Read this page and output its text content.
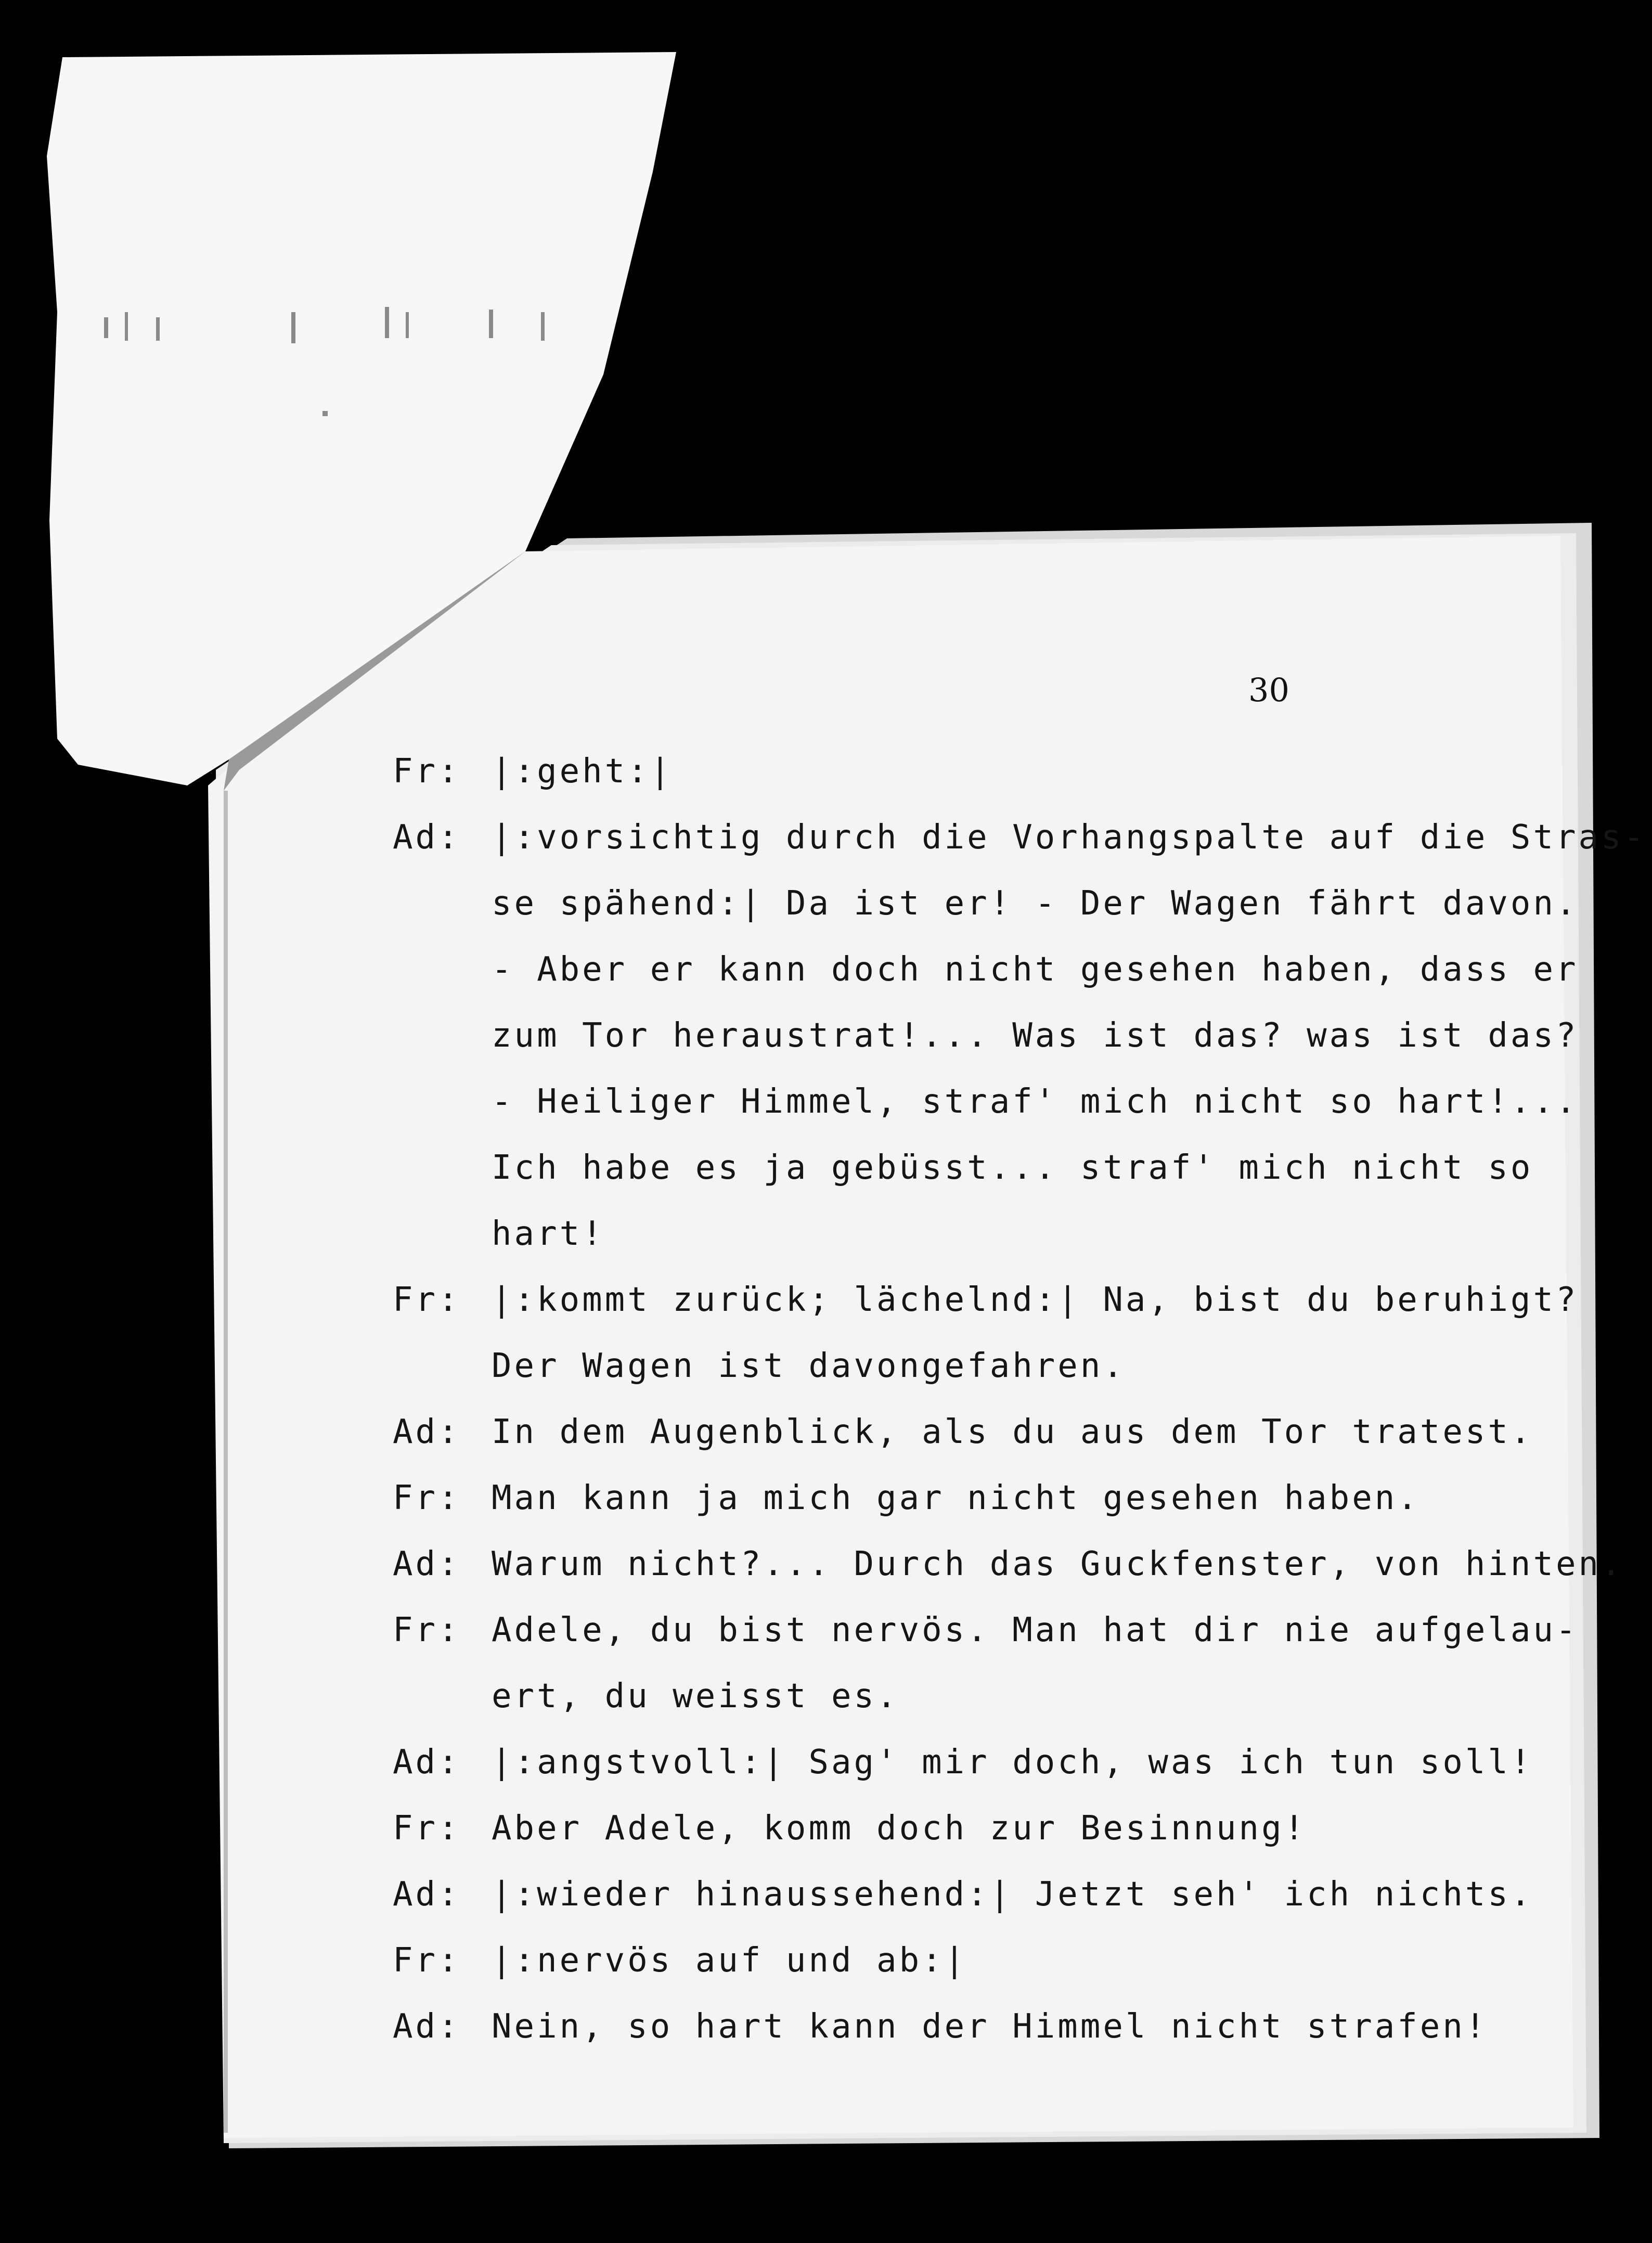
30
Fr: |:geht:|
Ad: |:vorsichtig durch die Vorhangspalte auf die Stras-
se spähend:| Da ist er! - Der Wagen fährt davon.
- Aber er kann doch nicht gesehen haben, dass er
zum Tor heraustrat!... Was ist das? was ist das?
- Heiliger Himmel, straf' mich nicht so hart!...
Ich habe es ja gebüsst... straf' mich nicht so
hart!
Fr: |:kommt zurück; lächelnd:| Na, bist du beruhigt?
Der Wagen ist davongefahren.
Ad: In dem Augenblick, als du aus dem Tor tratest.
Fr: Man kann ja mich gar nicht gesehen haben.
Ad: Warum nicht?... Durch das Guckfenster, von hinten.
Fr: Adele, du bist nervös. Man hat dir nie aufgelau-
ert, du weisst es.
Ad: |:angstvoll:| Sag' mir doch, was ich tun soll!
Fr: Aber Adele, komm doch zur Besinnung!
Ad: |:wieder hinaussehend:| Jetzt seh' ich nichts.
Fr: |:nervös auf und ab:|
Ad: Nein, so hart kann der Himmel nicht strafen!
